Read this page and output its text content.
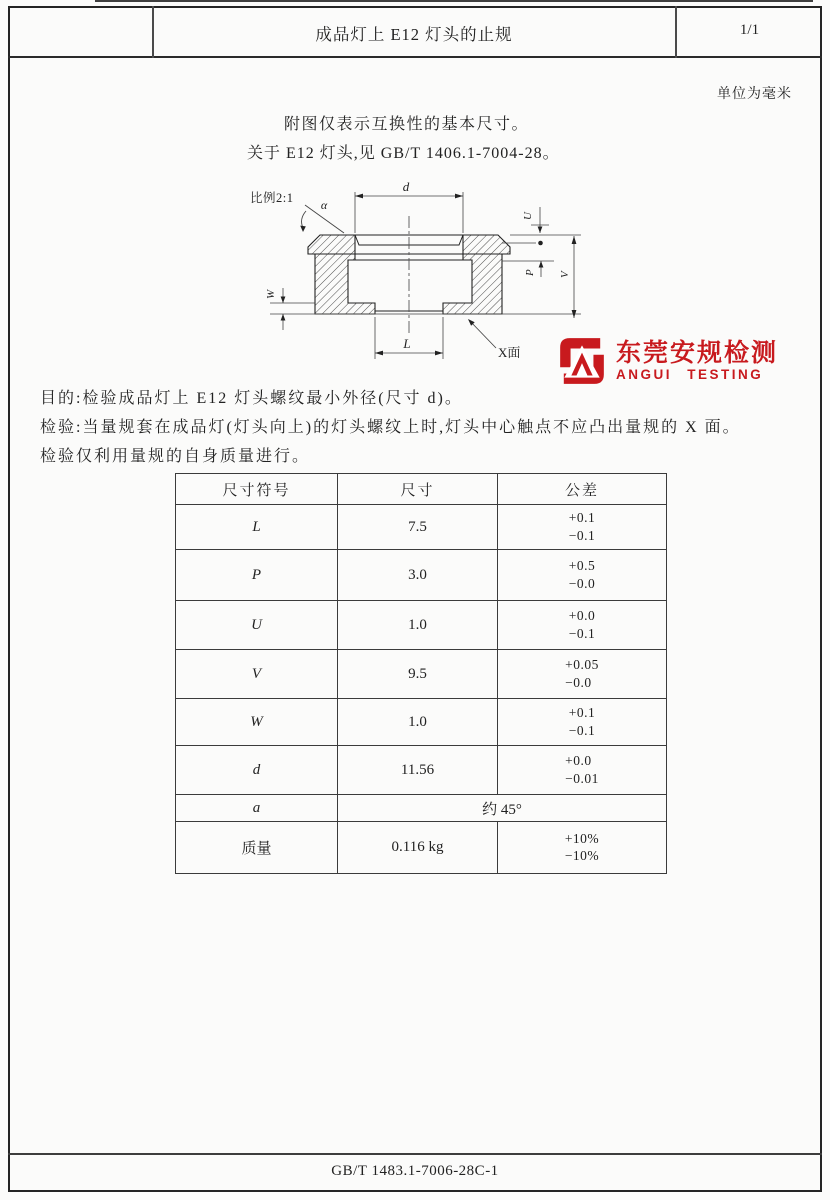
成品灯上 E12 灯头的止规	1/1
单位为毫米
附图仅表示互换性的基本尺寸。
关于 E12 灯头,见 GB/T 1406.1-7004-28。
比例2:1
d
α
U
P V
W
L
X面	东莞安规检测
ANGUI TESTING
目的:检验成品灯上 E12 灯头螺纹最小外径(尺寸 d)。
检验:当量规套在成品灯(灯头向上)的灯头螺纹上时,灯头中心触点不应凸出量规的 X 面。
检验仅利用量规的自身质量进行。
尺寸符号	尺寸	公差
L	7.5	+0.1
−0.1

P	3.0	+0.5
−0.0

U	1.0	+0.0
−0.1

V	9.5	+0.05
−0.0

W	1.0	+0.1
−0.1

d	11.56	+0.0
−0.01

a	约 45°	
质量	0.116 kg	+10%
−10%
GB/T 1483.1-7006-28C-1
